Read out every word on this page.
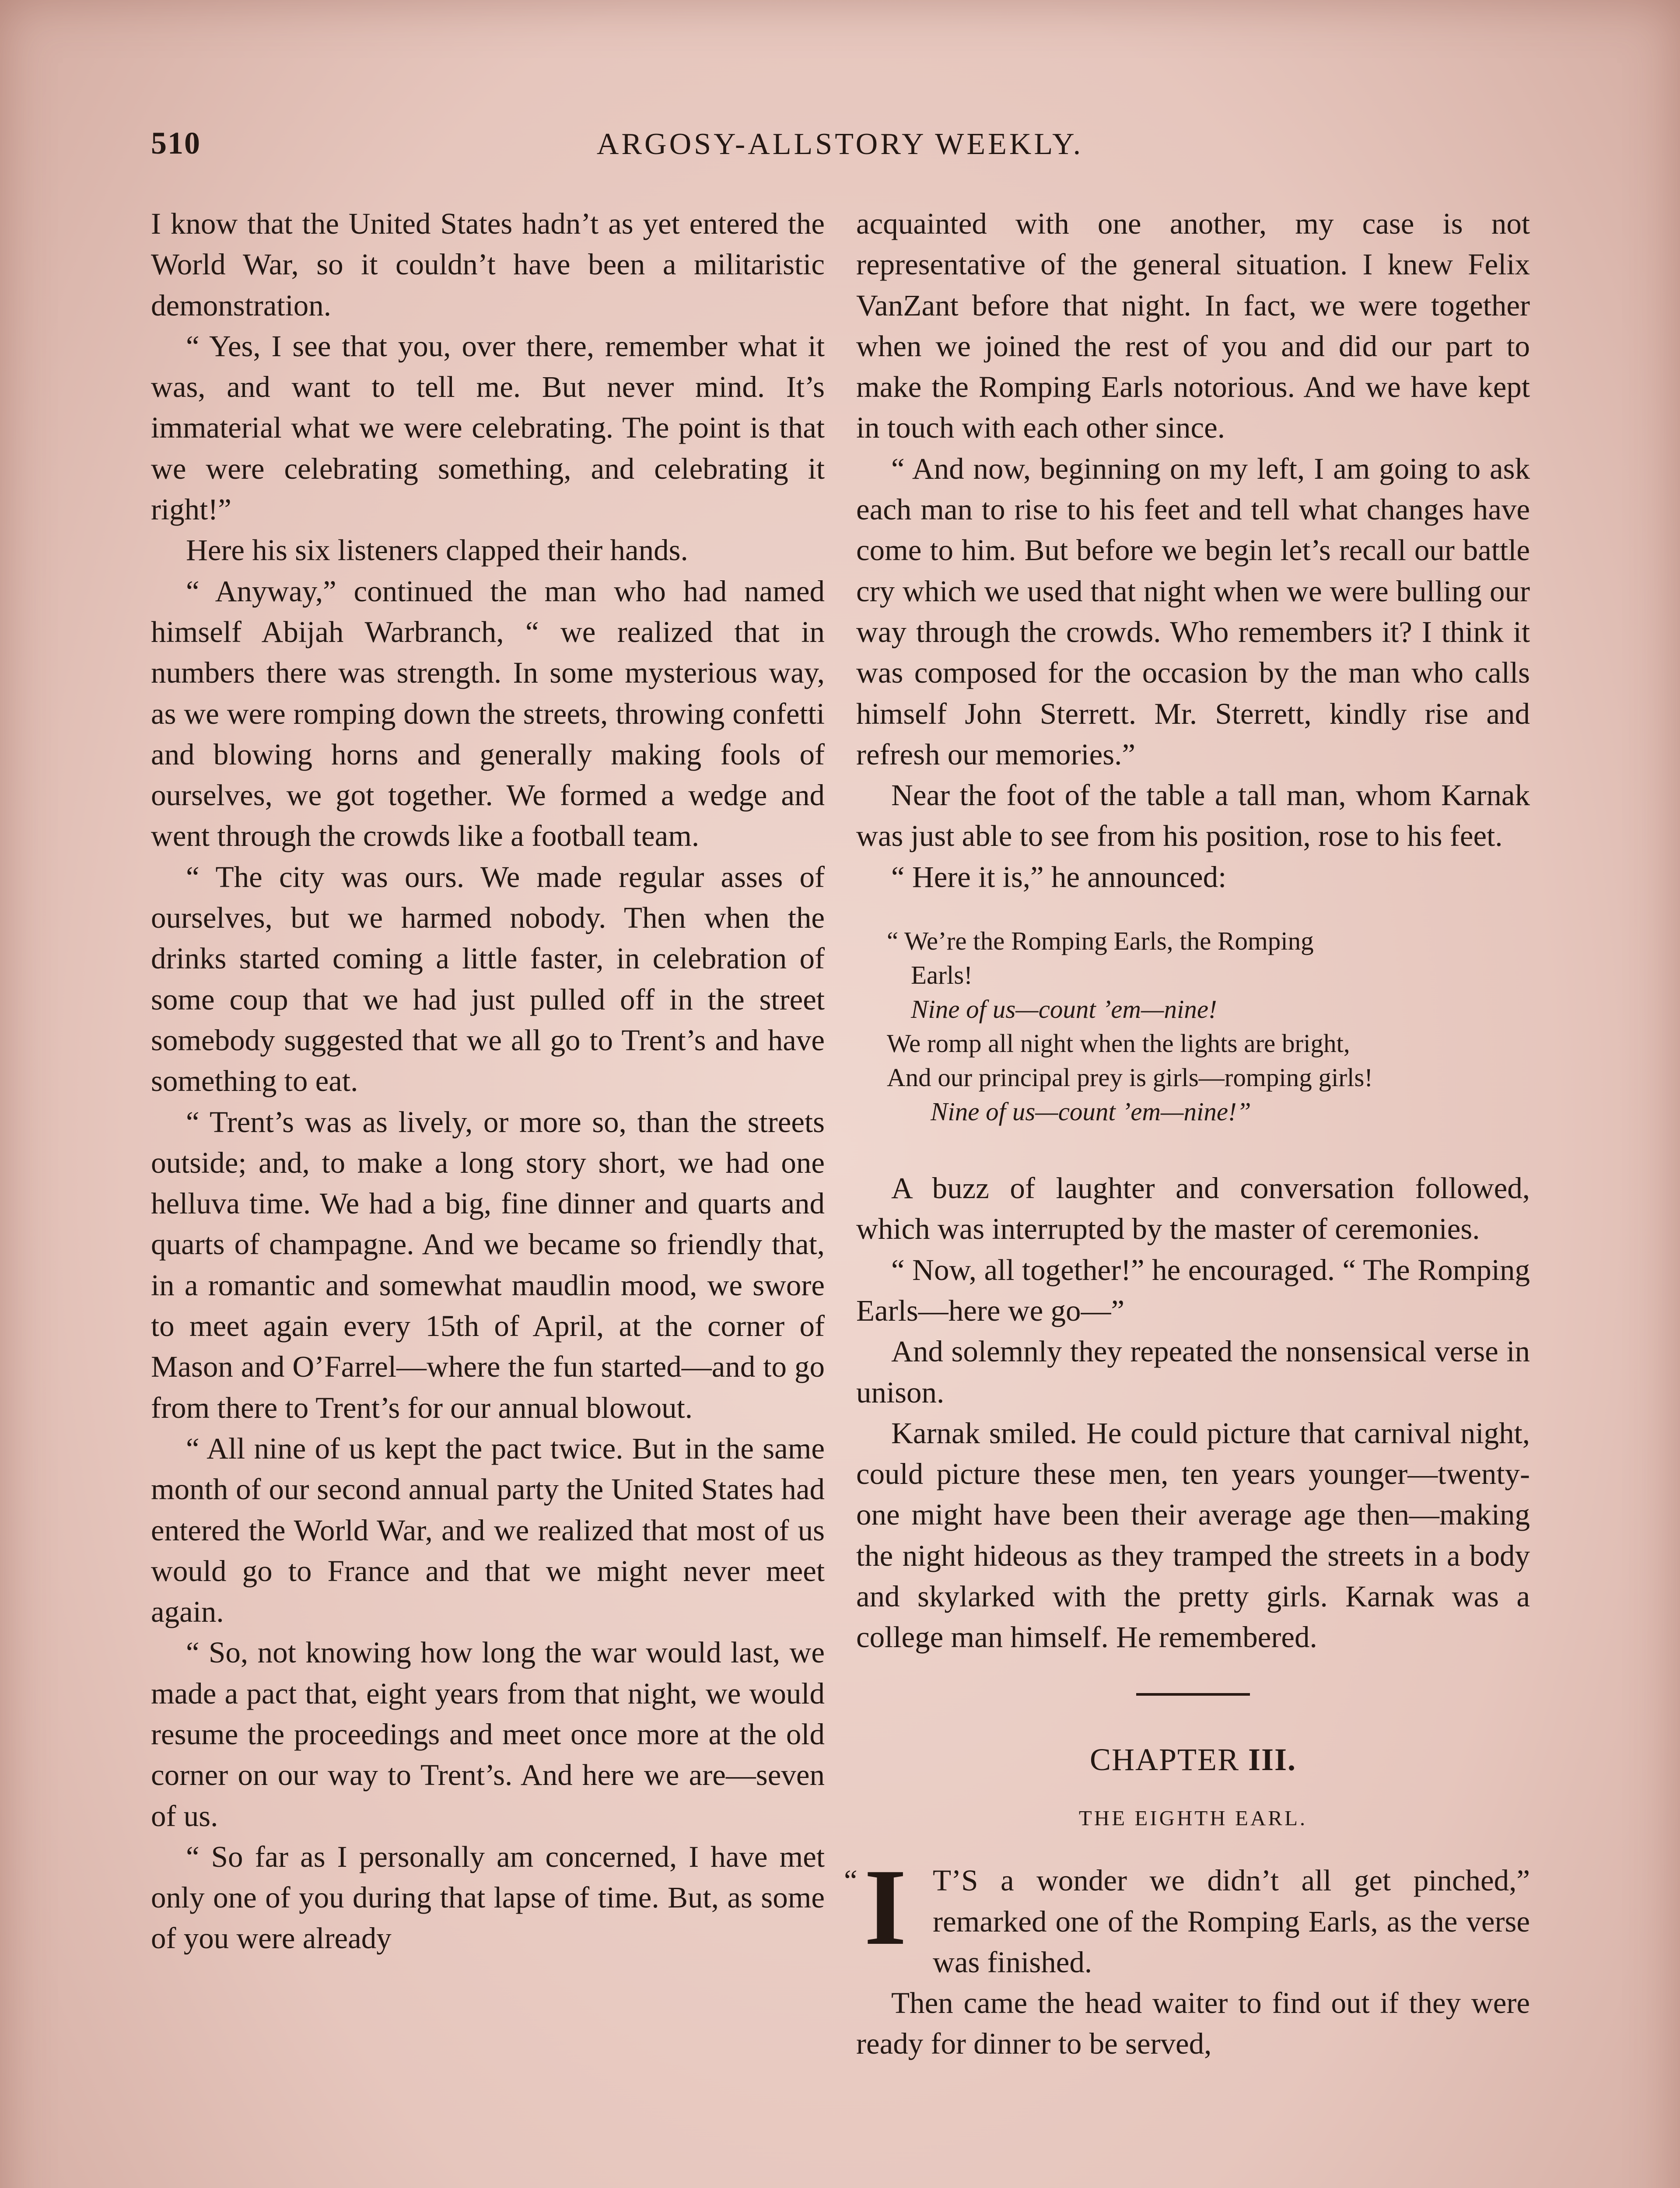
510	ARGOSY-ALLSTORY WEEKLY.

I know that the United States hadn’t as yet entered the World War, so it couldn’t have been a militaristic demonstration.

“ Yes, I see that you, over there, remember what it was, and want to tell me. But never mind. It’s immaterial what we were celebrating. The point is that we were celebrating something, and celebrating it right!”

Here his six listeners clapped their hands.

“ Anyway,” continued the man who had named himself Abijah Warbranch, “ we realized that in numbers there was strength. In some mysterious way, as we were romping down the streets, throwing confetti and blowing horns and generally making fools of ourselves, we got together. We formed a wedge and went through the crowds like a football team.

“ The city was ours. We made regular asses of ourselves, but we harmed nobody. Then when the drinks started coming a little faster, in celebration of some coup that we had just pulled off in the street somebody suggested that we all go to Trent’s and have something to eat.

“ Trent’s was as lively, or more so, than the streets outside; and, to make a long story short, we had one helluva time. We had a big, fine dinner and quarts and quarts of champagne. And we became so friendly that, in a romantic and somewhat maudlin mood, we swore to meet again every 15th of April, at the corner of Mason and O’Farrel—where the fun started—and to go from there to Trent’s for our annual blowout.

“ All nine of us kept the pact twice. But in the same month of our second annual party the United States had entered the World War, and we realized that most of us would go to France and that we might never meet again.

“ So, not knowing how long the war would last, we made a pact that, eight years from that night, we would resume the proceedings and meet once more at the old corner on our way to Trent’s. And here we are—seven of us.

“ So far as I personally am concerned, I have met only one of you during that lapse of time. But, as some of you were already

acquainted with one another, my case is not representative of the general situation. I knew Felix VanZant before that night. In fact, we were together when we joined the rest of you and did our part to make the Romping Earls notorious. And we have kept in touch with each other since.

“ And now, beginning on my left, I am going to ask each man to rise to his feet and tell what changes have come to him. But before we begin let’s recall our battle cry which we used that night when we were bulling our way through the crowds. Who remembers it? I think it was composed for the occasion by the man who calls himself John Sterrett. Mr. Sterrett, kindly rise and refresh our memories.”

Near the foot of the table a tall man, whom Karnak was just able to see from his position, rose to his feet.

“ Here it is,” he announced:

“ We’re the Romping Earls, the Romping
Earls!
Nine of us—count ’em—nine!
We romp all night when the lights are bright,
And our principal prey is girls—romping girls!
Nine of us—count ’em—nine!”

A buzz of laughter and conversation followed, which was interrupted by the master of ceremonies.

“ Now, all together!” he encouraged. “ The Romping Earls—here we go—”

And solemnly they repeated the nonsensical verse in unison.

Karnak smiled. He could picture that carnival night, could picture these men, ten years younger—twenty-one might have been their average age then—making the night hideous as they tramped the streets in a body and skylarked with the pretty girls. Karnak was a college man himself. He remembered.

CHAPTER III.
THE EIGHTH EARL.

“ I T’S a wonder we didn’t all get pinched,” remarked one of the Romping Earls, as the verse was finished.

Then came the head waiter to find out if they were ready for dinner to be served,
